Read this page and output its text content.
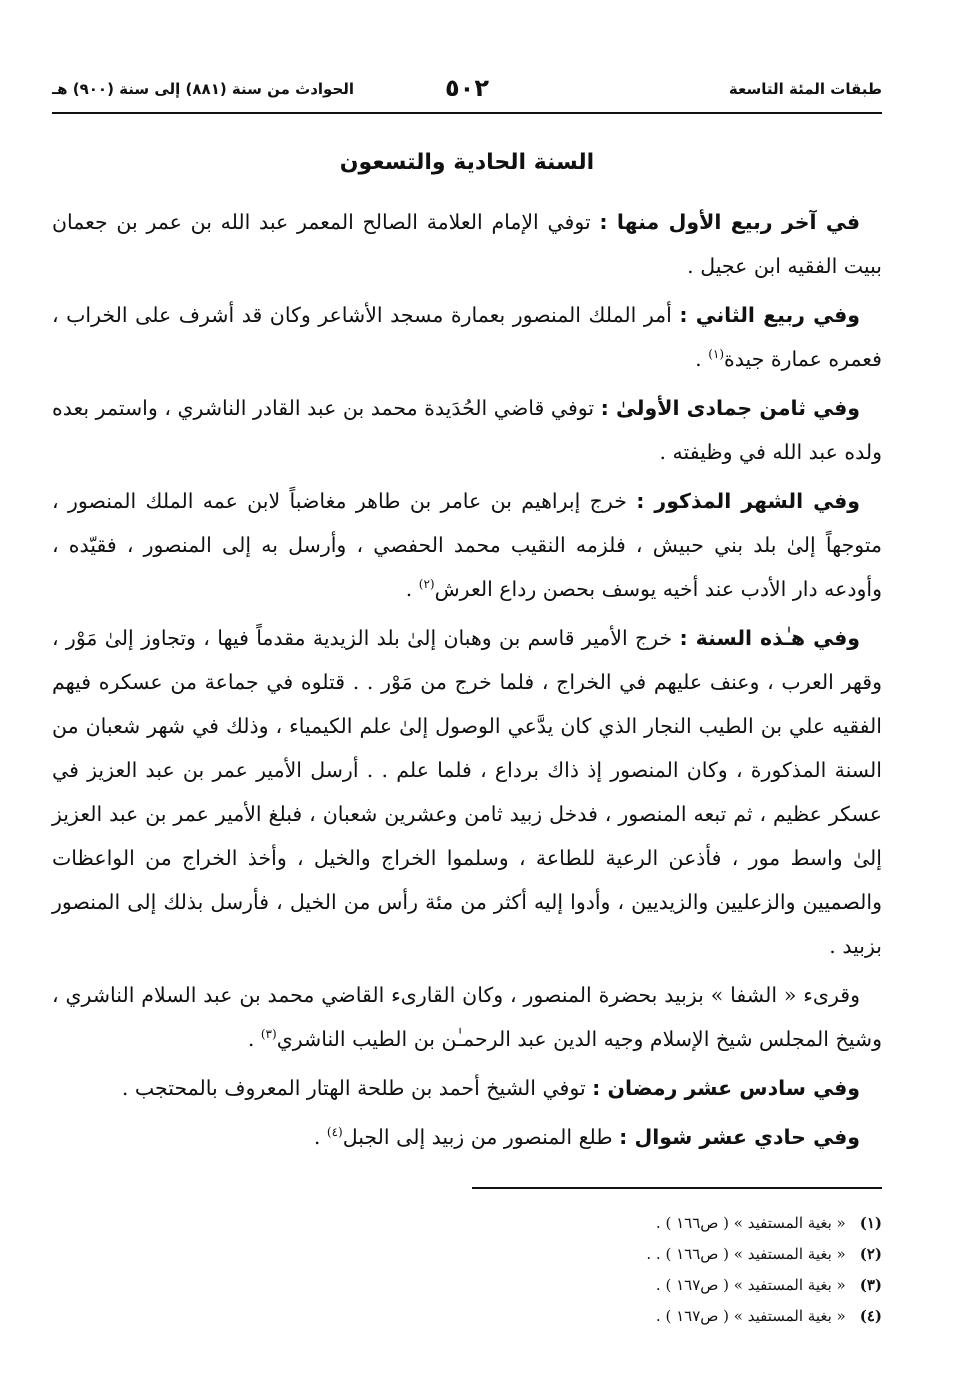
طبقات المئة التاسعة
٥٠٢
الحوادث من سنة (٨٨١) إلى سنة (٩٠٠) هـ
السنة الحادية والتسعون

في آخر ربيع الأول منها : توفي الإمام العلامة الصالح المعمر عبد الله بن عمر بن جعمان ببيت الفقيه ابن عجيل .

وفي ربيع الثاني : أمر الملك المنصور بعمارة مسجد الأشاعر وكان قد أشرف على الخراب ، فعمره عمارة جيدة$^{(١)}$ .

وفي ثامن جمادى الأولىٰ : توفي قاضي الحُدَيدة محمد بن عبد القادر الناشري ، واستمر بعده ولده عبد الله في وظيفته .

وفي الشهر المذكور : خرج إبراهيم بن عامر بن طاهر مغاضباً لابن عمه الملك المنصور ، متوجهاً إلىٰ بلد بني حبيش ، فلزمه النقيب محمد الحفصي ، وأرسل به إلى المنصور ، فقيّده ، وأودعه دار الأدب عند أخيه يوسف بحصن رداع العرش$^{(٢)}$ .

وفي هـٰذه السنة : خرج الأمير قاسم بن وهبان إلىٰ بلد الزيدية مقدماً فيها ، وتجاوز إلىٰ مَوْر ، وقهر العرب ، وعنف عليهم في الخراج ، فلما خرج من مَوْر . . قتلوه في جماعة من عسكره فيهم الفقيه علي بن الطيب النجار الذي كان يدَّعي الوصول إلىٰ علم الكيمياء ، وذلك في شهر شعبان من السنة المذكورة ، وكان المنصور إذ ذاك برداع ، فلما علم . . أرسل الأمير عمر بن عبد العزيز في عسكر عظيم ، ثم تبعه المنصور ، فدخل زبيد ثامن وعشرين شعبان ، فبلغ الأمير عمر بن عبد العزيز إلىٰ واسط مور ، فأذعن الرعية للطاعة ، وسلموا الخراج والخيل ، وأخذ الخراج من الواعظات والصميين والزعليين والزيديين ، وأدوا إليه أكثر من مئة رأس من الخيل ، فأرسل بذلك إلى المنصور بزبيد .

وقرىء « الشفا » بزبيد بحضرة المنصور ، وكان القارىء القاضي محمد بن عبد السلام الناشري ، وشيخ المجلس شيخ الإسلام وجيه الدين عبد الرحمـٰن بن الطيب الناشري$^{(٣)}$ .

وفي سادس عشر رمضان : توفي الشيخ أحمد بن طلحة الهتار المعروف بالمحتجب .

وفي حادي عشر شوال : طلع المنصور من زبيد إلى الجبل$^{(٤)}$ .

(١)
« بغية المستفيد » ( ص١٦٦ ) .
(٢)
« بغية المستفيد » ( ص١٦٦ ) . .
(٣)
« بغية المستفيد » ( ص١٦٧ ) .
(٤)
« بغية المستفيد » ( ص١٦٧ ) .
